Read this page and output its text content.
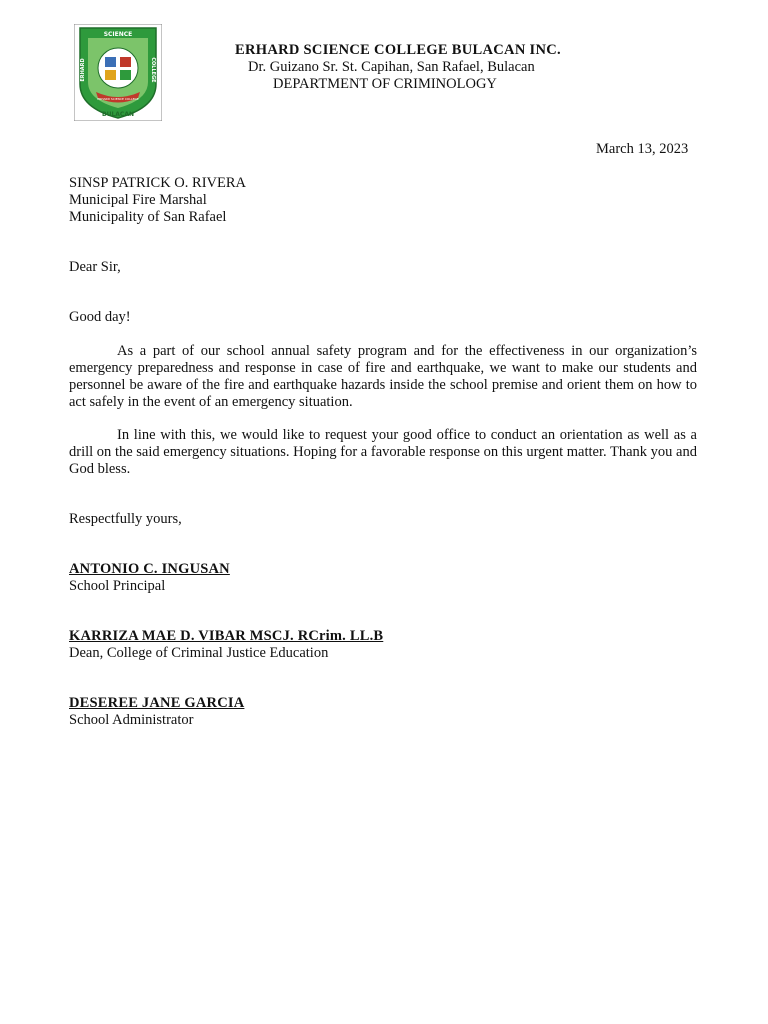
SCIENCE
ERHARD	COLLEGE
ERHARD SCIENCE COLLEGE
BULACAN
ERHARD SCIENCE COLLEGE BULACAN INC.
Dr. Guizano Sr. St. Capihan, San Rafael, Bulacan
DEPARTMENT OF CRIMINOLOGY
March 13, 2023
SINSP PATRICK O. RIVERA
Municipal Fire Marshal
Municipality of San Rafael
Dear Sir,
Good day!
As a part of our school annual safety program and for the effectiveness in our organization’s emergency preparedness and response in case of fire and earthquake, we want to make our students and personnel be aware of the fire and earthquake hazards inside the school premise and orient them on how to act safely in the event of an emergency situation.
In line with this, we would like to request your good office to conduct an orientation as well as a drill on the said emergency situations. Hoping for a favorable response on this urgent matter. Thank you and God bless.
Respectfully yours,
ANTONIO C. INGUSAN
School Principal
KARRIZA MAE D. VIBAR MSCJ. RCrim. LL.B
Dean, College of Criminal Justice Education
DESEREE JANE GARCIA
School Administrator
